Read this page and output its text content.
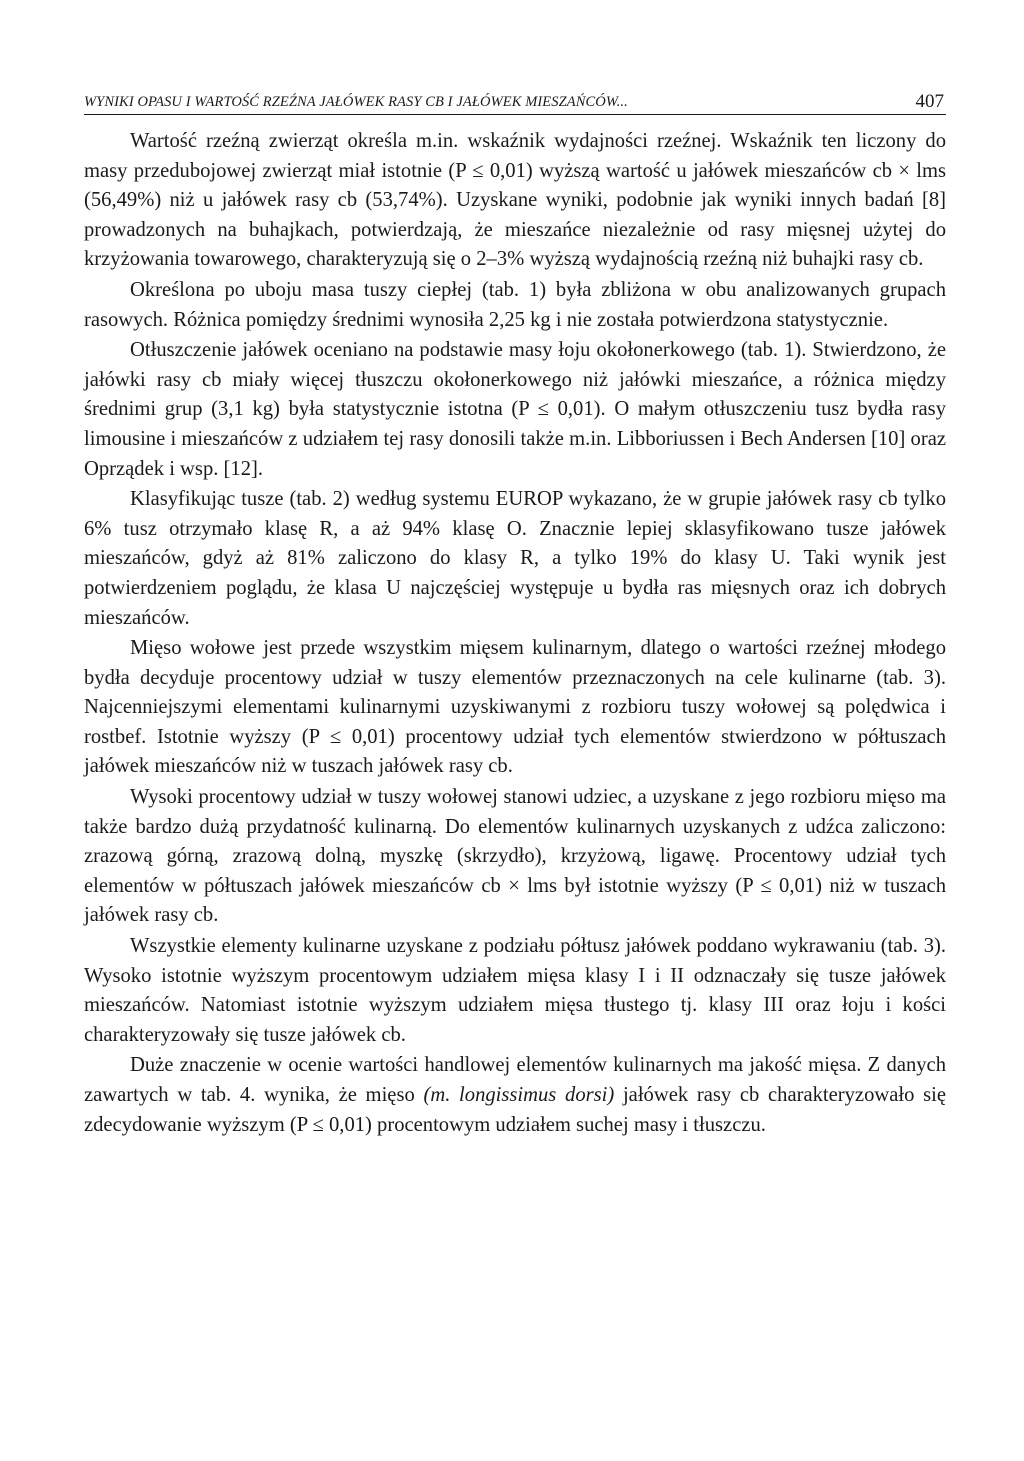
WYNIKI OPASU I WARTOŚĆ RZEŹNA JAŁÓWEK RASY CB I JAŁÓWEK MIESZAŃCÓW...	407

Wartość rzeźną zwierząt określa m.in. wskaźnik wydajności rzeźnej. Wskaźnik ten liczony do masy przedubojowej zwierząt miał istotnie (P ≤ 0,01) wyższą wartość u jałówek mieszańców cb × lms (56,49%) niż u jałówek rasy cb (53,74%). Uzyskane wyniki, podobnie jak wyniki innych badań [8] prowadzonych na buhajkach, potwierdzają, że mieszańce niezależnie od rasy mięsnej użytej do krzyżowania towarowego, charakteryzują się o 2–3% wyższą wydajnością rzeźną niż buhajki rasy cb.

Określona po uboju masa tuszy ciepłej (tab. 1) była zbliżona w obu analizowanych grupach rasowych. Różnica pomiędzy średnimi wynosiła 2,25 kg i nie została potwierdzona statystycznie.

Otłuszczenie jałówek oceniano na podstawie masy łoju okołonerkowego (tab. 1). Stwierdzono, że jałówki rasy cb miały więcej tłuszczu okołonerkowego niż jałówki mieszańce, a różnica między średnimi grup (3,1 kg) była statystycznie istotna (P ≤ 0,01). O małym otłuszczeniu tusz bydła rasy limousine i mieszańców z udziałem tej rasy donosili także m.in. Libboriussen i Bech Andersen [10] oraz Oprządek i wsp. [12].

Klasyfikując tusze (tab. 2) według systemu EUROP wykazano, że w grupie jałówek rasy cb tylko 6% tusz otrzymało klasę R, a aż 94% klasę O. Znacznie lepiej sklasyfikowano tusze jałówek mieszańców, gdyż aż 81% zaliczono do klasy R, a tylko 19% do klasy U. Taki wynik jest potwierdzeniem poglądu, że klasa U najczęściej występuje u bydła ras mięsnych oraz ich dobrych mieszańców.

Mięso wołowe jest przede wszystkim mięsem kulinarnym, dlatego o wartości rzeźnej młodego bydła decyduje procentowy udział w tuszy elementów przeznaczonych na cele kulinarne (tab. 3). Najcenniejszymi elementami kulinarnymi uzyskiwanymi z rozbioru tuszy wołowej są polędwica i rostbef. Istotnie wyższy (P ≤ 0,01) procentowy udział tych elementów stwierdzono w półtuszach jałówek mieszańców niż w tuszach jałówek rasy cb.

Wysoki procentowy udział w tuszy wołowej stanowi udziec, a uzyskane z jego rozbioru mięso ma także bardzo dużą przydatność kulinarną. Do elementów kulinarnych uzyskanych z udźca zaliczono: zrazową górną, zrazową dolną, myszkę (skrzydło), krzyżową, ligawę. Procentowy udział tych elementów w półtuszach jałówek mieszańców cb × lms był istotnie wyższy (P ≤ 0,01) niż w tuszach jałówek rasy cb.

Wszystkie elementy kulinarne uzyskane z podziału półtusz jałówek poddano wykrawaniu (tab. 3). Wysoko istotnie wyższym procentowym udziałem mięsa klasy I i II odznaczały się tusze jałówek mieszańców. Natomiast istotnie wyższym udziałem mięsa tłustego tj. klasy III oraz łoju i kości charakteryzowały się tusze jałówek cb.

Duże znaczenie w ocenie wartości handlowej elementów kulinarnych ma jakość mięsa. Z danych zawartych w tab. 4. wynika, że mięso (m. longissimus dorsi) jałówek rasy cb charakteryzowało się zdecydowanie wyższym (P ≤ 0,01) procentowym udziałem suchej masy i tłuszczu.
